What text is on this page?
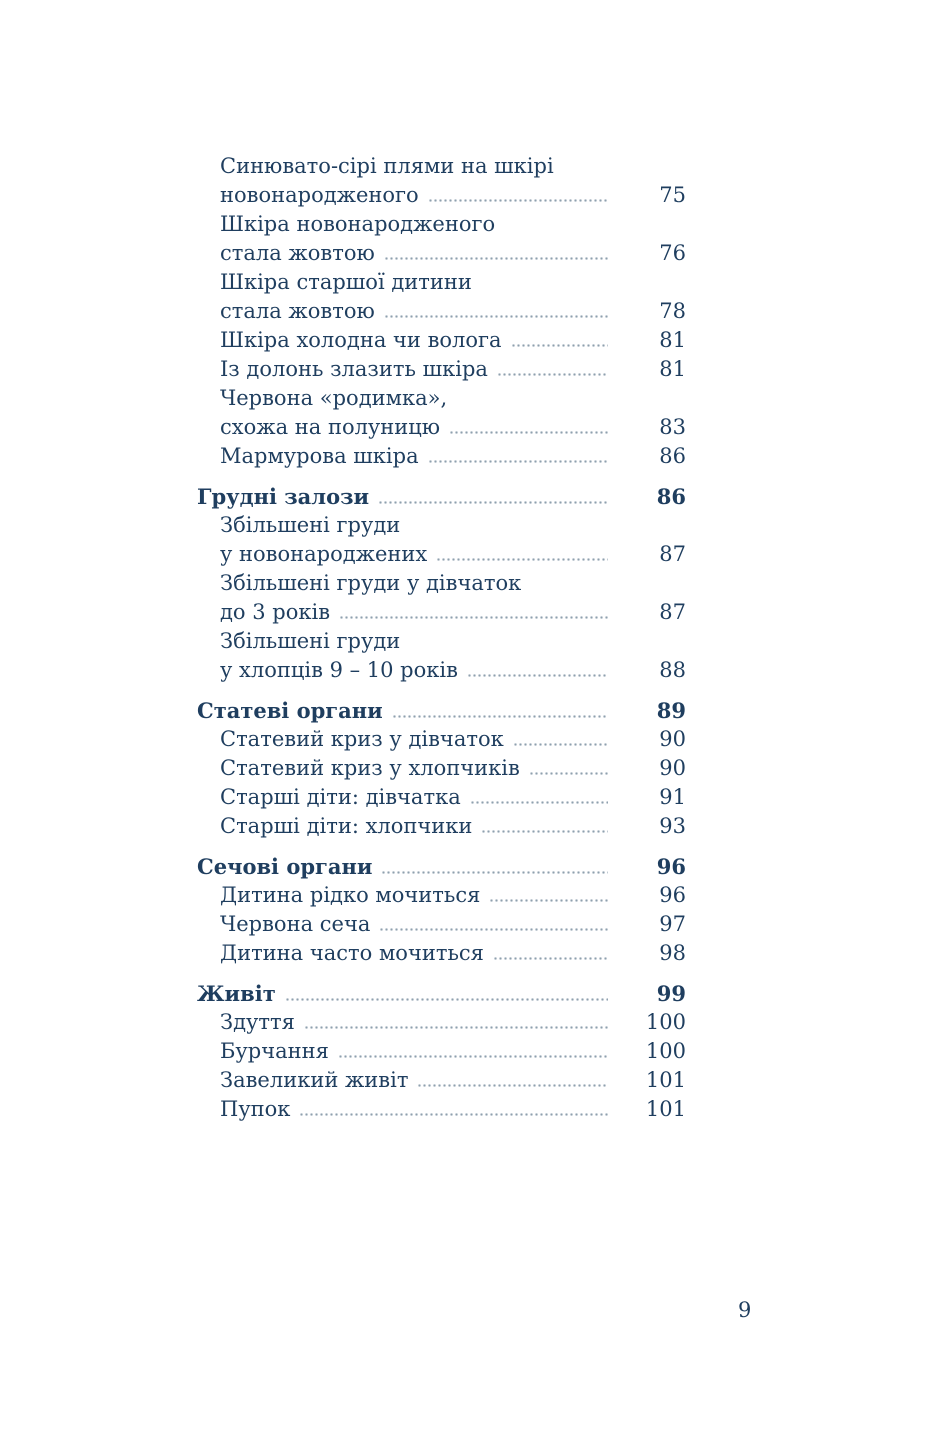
Синювато-сірі плями на шкірі
новонародженого	75
Шкіра новонародженого
стала жовтою	76
Шкіра старшої дитини
стала жовтою	78
Шкіра холодна чи волога	81
Із долонь злазить шкіра	81
Червона «родимка»,
схожа на полуницю	83
Мармурова шкіра	86
Грудні залози	86
Збільшені груди
у новонароджених	87
Збільшені груди у дівчаток
до 3 років	87
Збільшені груди
у хлопців 9 – 10 років	88
Статеві органи	89
Статевий криз у дівчаток	90
Статевий криз у хлопчиків	90
Старші діти: дівчатка	91
Старші діти: хлопчики	93
Сечові органи	96
Дитина рідко мочиться	96
Червона сеча	97
Дитина часто мочиться	98
Живіт	99
Здуття	100
Бурчання	100
Завеликий живіт	101
Пупок	101
9
